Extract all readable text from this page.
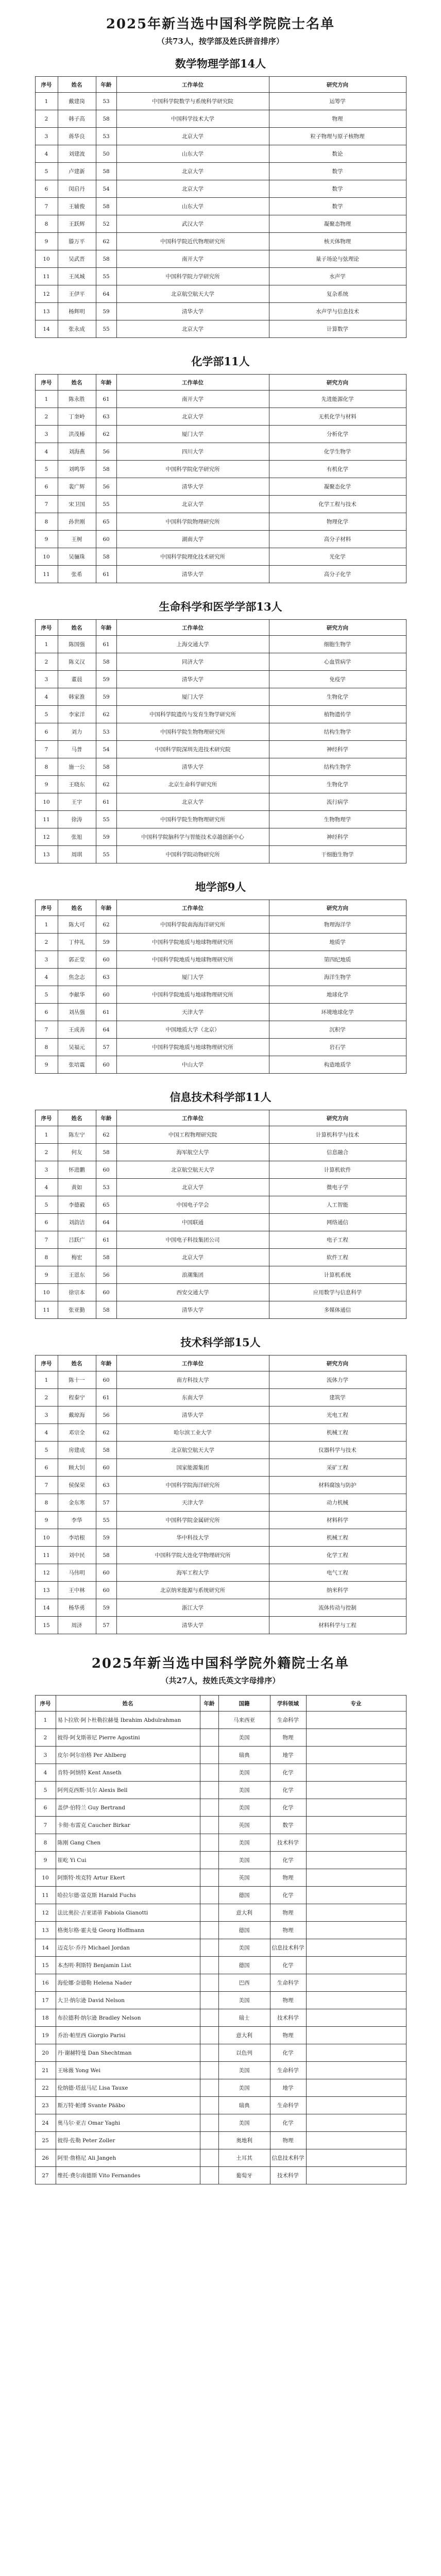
2025年新当选中国科学院院士名单
（共73人，按学部及姓氏拼音排序）
数学物理学部14人
序号	姓名	年龄	工作单位	研究方向
1	戴建岗	53	中国科学院数学与系统科学研究院	运筹学
2	韩子高	58	中国科学技术大学	物理
3	蒋华良	53	北京大学	粒子物理与原子核物理
4	刘建波	50	山东大学	数论
5	卢建新	58	北京大学	数学
6	闵启丹	54	北京大学	数学
7	王辅俊	58	山东大学	数学
8	王跃辉	52	武汉大学	凝聚态物理
9	滕万平	62	中国科学院近代物理研究所	核天体物理
10	吴武晋	58	南开大学	量子场论与弦理论
11	王凤城	55	中国科学院力学研究所	水声学
12	王伊平	64	北京航空航天大学	复杂系统
13	杨辉明	59	清华大学	水声学与信息技术
14	张永成	55	北京大学	计算数学
化学部11人
序号	姓名	年龄	工作单位	研究方向
1	陈永胜	61	南开大学	先进能源化学
2	丁奎岭	63	北京大学	无机化学与材料
3	洪茂椿	62	厦门大学	分析化学
4	刘海燕	56	四川大学	化学生物学
5	刘鸣华	58	中国科学院化学研究所	有机化学
6	裴广辉	56	清华大学	凝聚态化学
7	宋卫国	55	北京大学	化学工程与技术
8	孙世刚	65	中国科学院物理研究所	物理化学
9	王树	60	湖南大学	高分子材料
10	吴骊珠	58	中国科学院理化技术研究所	光化学
11	张希	61	清华大学	高分子化学
生命科学和医学学部13人
序号	姓名	年龄	工作单位	研究方向
1	陈国强	61	上海交通大学	细胞生物学
2	陈义汉	58	同济大学	心血管病学
3	董晨	59	清华大学	免疫学
4	韩家淮	59	厦门大学	生物化学
5	李家洋	62	中国科学院遗传与发育生物学研究所	植物遗传学
6	刘力	53	中国科学院生物物理研究所	结构生物学
7	马普	54	中国科学院深圳先进技术研究院	神经科学
8	施一公	58	清华大学	结构生物学
9	王晓东	62	北京生命科学研究所	生物化学
10	王宇	61	北京大学	流行病学
11	徐涛	55	中国科学院生物物理研究所	生物物理学
12	张旭	59	中国科学院脑科学与智能技术卓越创新中心	神经科学
13	周琪	55	中国科学院动物研究所	干细胞生物学
地学部9人
序号	姓名	年龄	工作单位	研究方向
1	陈大可	62	中国科学院南海海洋研究所	物理海洋学
2	丁仲礼	59	中国科学院地质与地球物理研究所	地质学
3	郭正堂	60	中国科学院地质与地球物理研究所	第四纪地质
4	焦念志	63	厦门大学	海洋生物学
5	李献华	60	中国科学院地质与地球物理研究所	地球化学
6	刘丛强	61	天津大学	环境地球化学
7	王成善	64	中国地质大学（北京）	沉积学
8	吴福元	57	中国科学院地质与地球物理研究所	岩石学
9	张培震	60	中山大学	构造地质学
信息技术科学部11人
序号	姓名	年龄	工作单位	研究方向
1	陈左宁	62	中国工程物理研究院	计算机科学与技术
2	何友	58	海军航空大学	信息融合
3	怀进鹏	60	北京航空航天大学	计算机软件
4	黄如	53	北京大学	微电子学
5	李德毅	65	中国电子学会	人工智能
6	刘韵洁	64	中国联通	网络通信
7	吕跃广	61	中国电子科技集团公司	电子工程
8	梅宏	58	北京大学	软件工程
9	王恩东	56	浪潮集团	计算机系统
10	徐宗本	60	西安交通大学	应用数学与信息科学
11	张亚勤	58	清华大学	多媒体通信
技术科学部15人
序号	姓名	年龄	工作单位	研究方向
1	陈十一	60	南方科技大学	流体力学
2	程泰宁	61	东南大学	建筑学
3	戴琼海	56	清华大学	光电工程
4	邓宗全	62	哈尔滨工业大学	机械工程
5	房建成	58	北京航空航天大学	仪器科学与技术
6	顾大钊	60	国家能源集团	采矿工程
7	侯保荣	63	中国科学院海洋研究所	材料腐蚀与防护
8	金东寒	57	天津大学	动力机械
9	李华	55	中国科学院金属研究所	材料科学
10	李培根	59	华中科技大学	机械工程
11	刘中民	58	中国科学院大连化学物理研究所	化学工程
12	马伟明	60	海军工程大学	电气工程
13	王中林	60	北京纳米能源与系统研究所	纳米科学
14	杨华勇	59	浙江大学	流体传动与控制
15	周济	57	清华大学	材料科学与工程
2025年新当选中国科学院外籍院士名单
（共27人，按姓氏英文字母排序）
序号	姓名	年龄	国籍	学科领域	专业
1	易卜拉欣·阿卜杜勒拉赫曼 Ibrahim Abdulrahman		马来西亚	生命科学	
2	彼得·阿戈斯蒂尼 Pierre Agostini		美国	物理	
3	皮尔·阿尔伯格 Per Ahlberg		瑞典	地学	
4	肯特·阿纳特 Kent Anseth		美国	化学	
5	阿列克西斯·贝尔 Alexis Bell		美国	化学	
6	盖伊·伯特兰 Guy Bertrand		美国	化学	
7	卡彻·布雷克 Caucher Birkar		英国	数学	
8	陈刚 Gang Chen		美国	技术科学	
9	崔屹 Yi Cui		美国	化学	
10	阿斯特·埃克特 Artur Ekert		英国	物理	
11	哈拉尔德·富克斯 Harald Fuchs		德国	化学	
12	法比奥拉·吉亚诺蒂 Fabiola Gianotti		意大利	物理	
13	格奥尔格·霍夫曼 Georg Hoffmann		德国	物理	
14	迈克尔·乔丹 Michael Jordan		美国	信息技术科学	
15	本杰明·利斯特 Benjamin List		德国	化学	
16	海伦娜·奈德勒 Helena Nader		巴西	生命科学	
17	大卫·纳尔逊 David Nelson		美国	物理	
18	布拉德利·纳尔逊 Bradley Nelson		瑞士	技术科学	
19	乔治·帕里西 Giorgio Parisi		意大利	物理	
20	丹·谢赫特曼 Dan Shechtman		以色列	化学	
21	王咏薇 Yong Wei		美国	生命科学	
22	伦纳德·塔兹马尼 Lisa Tauxe		美国	地学	
23	斯万特·帕博 Svante Pääbo		瑞典	生命科学	
24	奥马尔·亚吉 Omar Yaghi		美国	化学	
25	彼得·佐勒 Peter Zoller		奥地利	物理	
26	阿里·詹格尼 Ali Jangeh		土耳其	信息技术科学	
27	维托·费尔南德斯 Vito Fernandes		葡萄牙	技术科学	
